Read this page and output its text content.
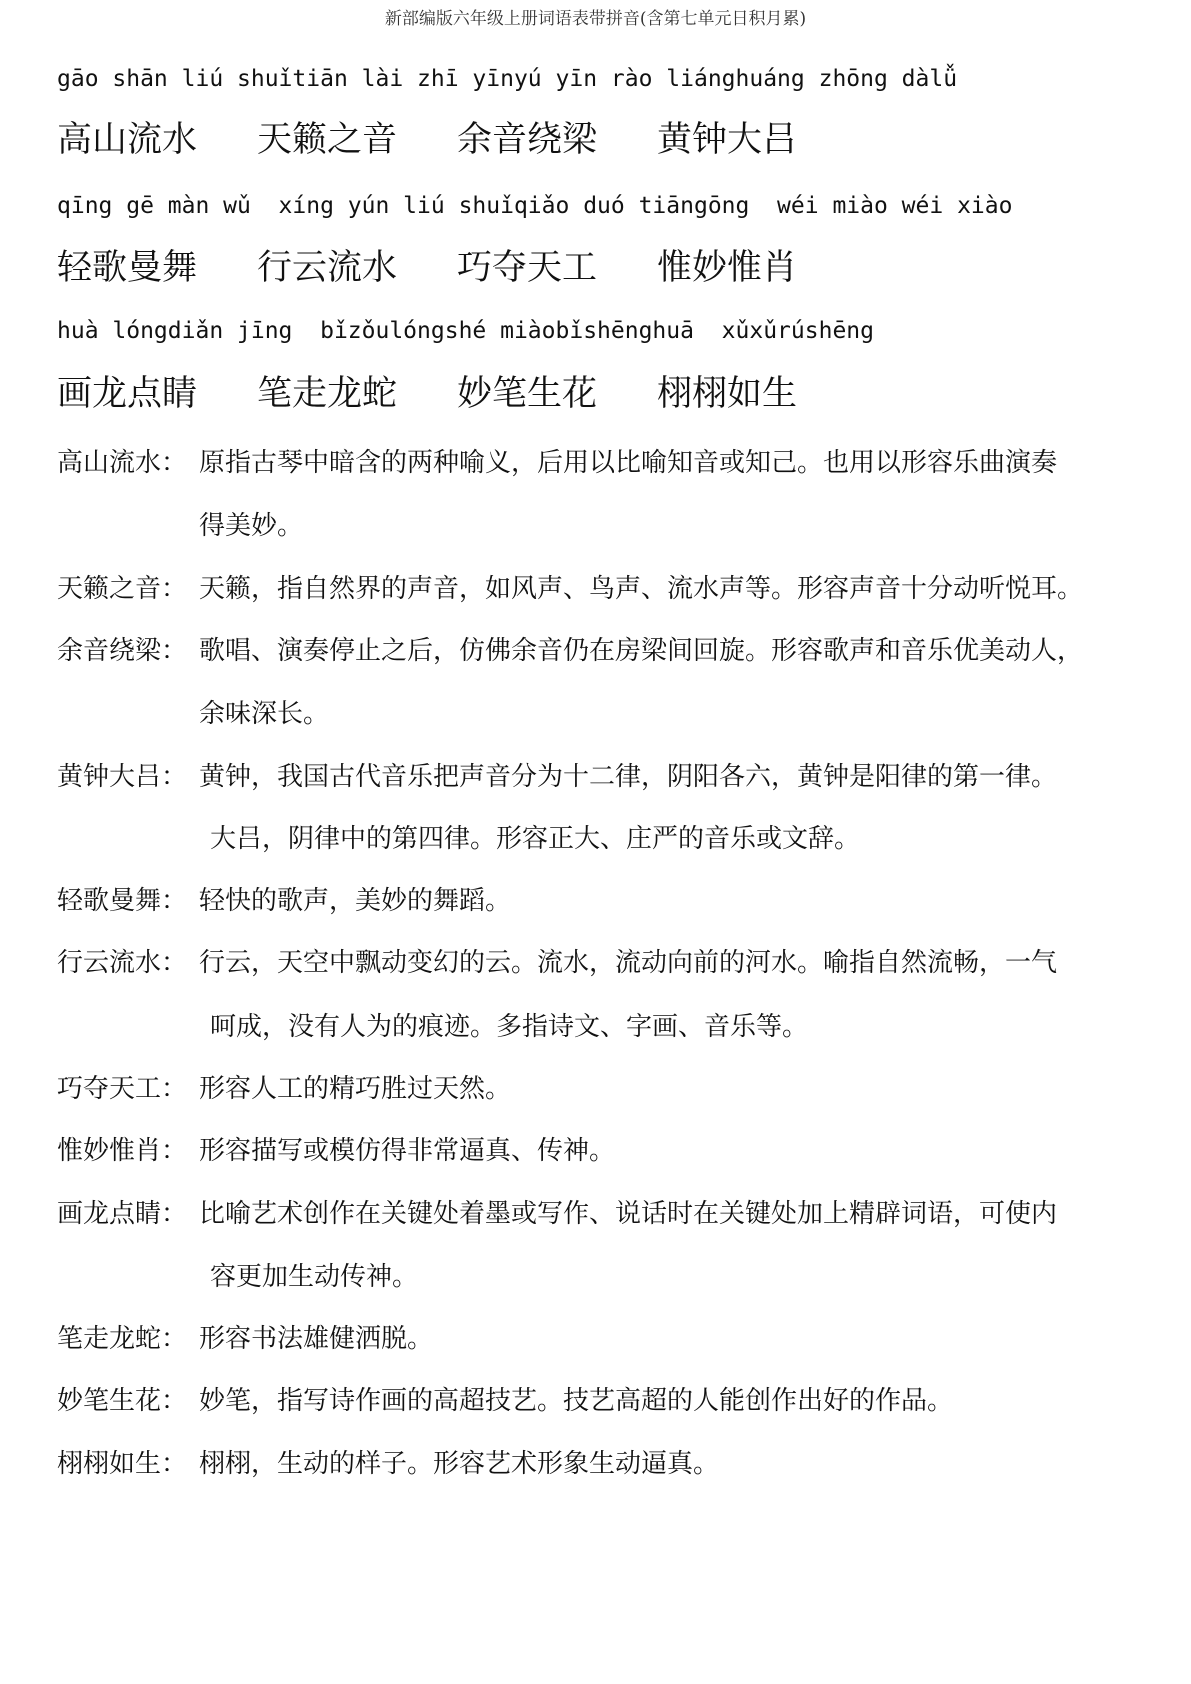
新部编版六年级上册词语表带拼音(含第七单元日积月累)
gāo shān liú shuǐtiān lài zhī yīnyú yīn rào liánghuáng zhōng dàlǚ
高山流水 天籁之音 余音绕梁 黄钟大吕
qīng gē màn wǔ  xíng yún liú shuǐqiǎo duó tiāngōng  wéi miào wéi xiào
轻歌曼舞 行云流水 巧夺天工 惟妙惟肖
huà lóngdiǎn jīng  bǐzǒulóngshé miàobǐshēnghuā  xǔxǔrúshēng
画龙点睛 笔走龙蛇 妙笔生花 栩栩如生
高山流水： 原指古琴中暗含的两种喻义，后用以比喻知音或知己。也用以形容乐曲演奏
得美妙。
天籁之音： 天籁，指自然界的声音，如风声、鸟声、流水声等。形容声音十分动听悦耳。
余音绕梁： 歌唱、演奏停止之后，仿佛余音仍在房梁间回旋。形容歌声和音乐优美动人，
余味深长。
黄钟大吕： 黄钟，我国古代音乐把声音分为十二律，阴阳各六，黄钟是阳律的第一律。
大吕，阴律中的第四律。形容正大、庄严的音乐或文辞。
轻歌曼舞： 轻快的歌声，美妙的舞蹈。
行云流水： 行云，天空中飘动变幻的云。流水，流动向前的河水。喻指自然流畅，一气
呵成，没有人为的痕迹。多指诗文、字画、音乐等。
巧夺天工： 形容人工的精巧胜过天然。
惟妙惟肖： 形容描写或模仿得非常逼真、传神。
画龙点睛： 比喻艺术创作在关键处着墨或写作、说话时在关键处加上精辟词语，可使内
容更加生动传神。
笔走龙蛇： 形容书法雄健洒脱。
妙笔生花： 妙笔，指写诗作画的高超技艺。技艺高超的人能创作出好的作品。
栩栩如生： 栩栩，生动的样子。形容艺术形象生动逼真。
